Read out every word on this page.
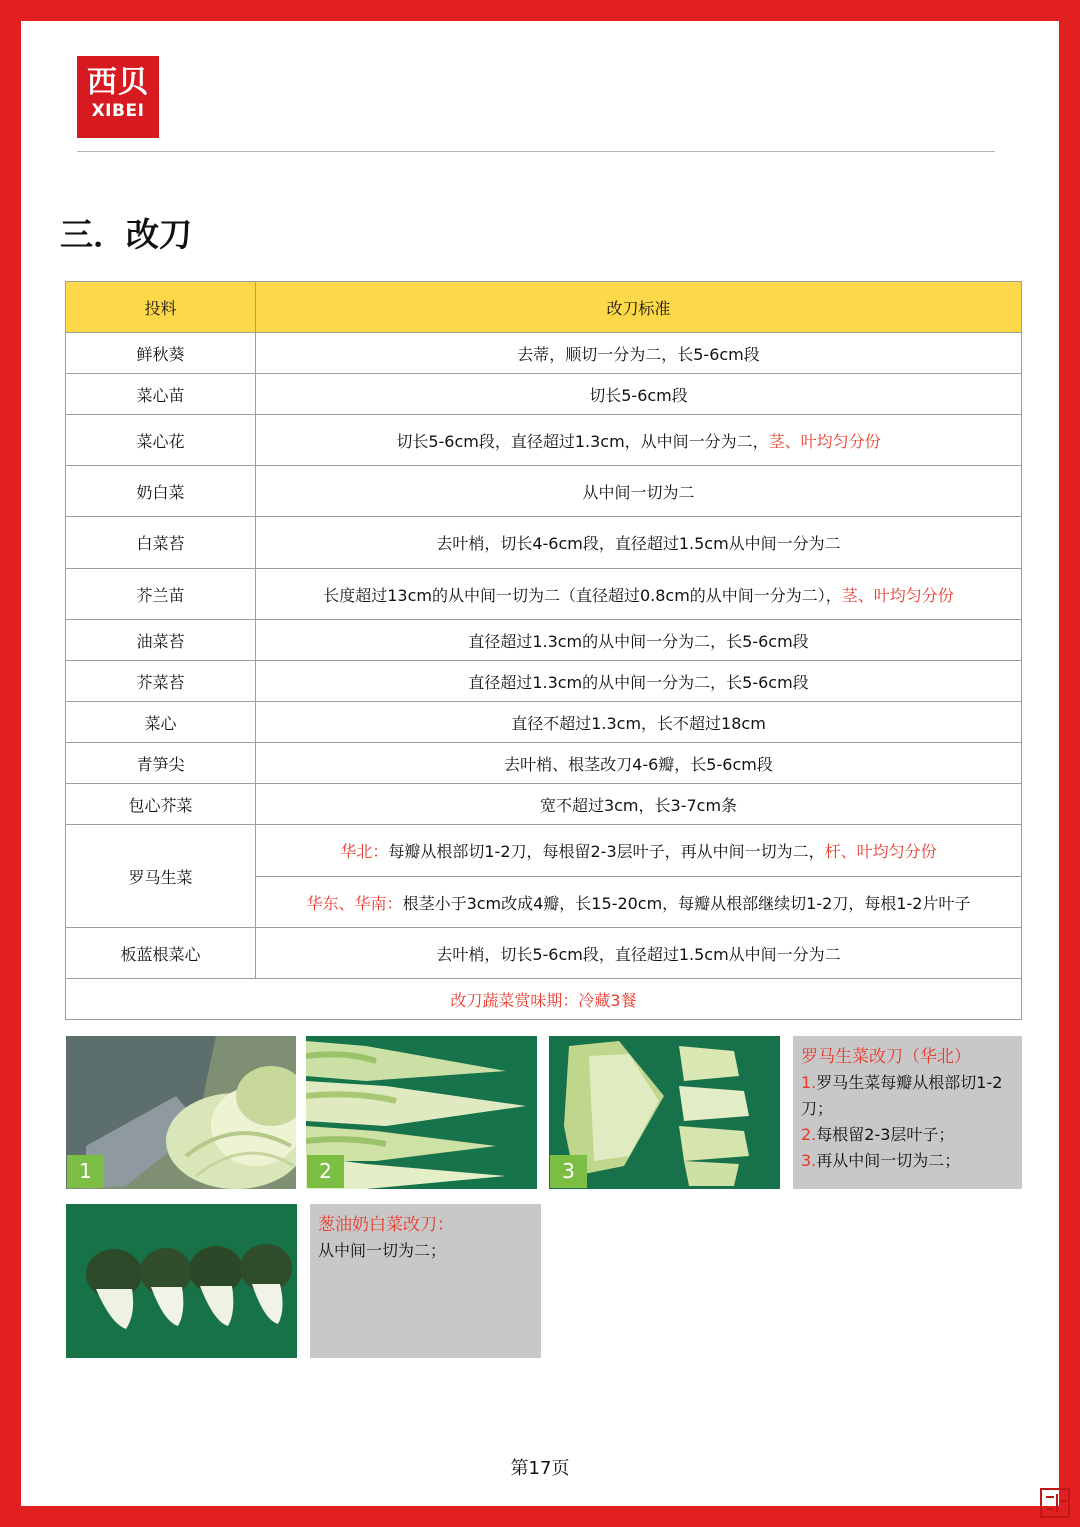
西贝
XIBEI
三．改刀
投料	改刀标准
鲜秋葵	去蒂，顺切一分为二，长5-6cm段
菜心苗	切长5-6cm段
菜心花	切长5-6cm段，直径超过1.3cm，从中间一分为二，茎、叶均匀分份
奶白菜	从中间一切为二
白菜苔	去叶梢，切长4-6cm段，直径超过1.5cm从中间一分为二
芥兰苗	长度超过13cm的从中间一切为二（直径超过0.8cm的从中间一分为二），茎、叶均匀分份
油菜苔	直径超过1.3cm的从中间一分为二，长5-6cm段
芥菜苔	直径超过1.3cm的从中间一分为二，长5-6cm段
菜心	直径不超过1.3cm，长不超过18cm
青笋尖	去叶梢、根茎改刀4-6瓣，长5-6cm段
包心芥菜	宽不超过3cm，长3-7cm条
罗马生菜	华北：每瓣从根部切1-2刀，每根留2-3层叶子，再从中间一切为二，杆、叶均匀分份
	华东、华南：根茎小于3cm改成4瓣，长15-20cm，每瓣从根部继续切1-2刀，每根1-2片叶子
板蓝根菜心	去叶梢，切长5-6cm段，直径超过1.5cm从中间一分为二
改刀蔬菜赏味期：冷藏3餐	
1	2	3
罗马生菜改刀（华北）
1.罗马生菜每瓣从根部切1-2刀；
2.每根留2-3层叶子；
3.再从中间一切为二；
葱油奶白菜改刀：
从中间一切为二；
第17页
